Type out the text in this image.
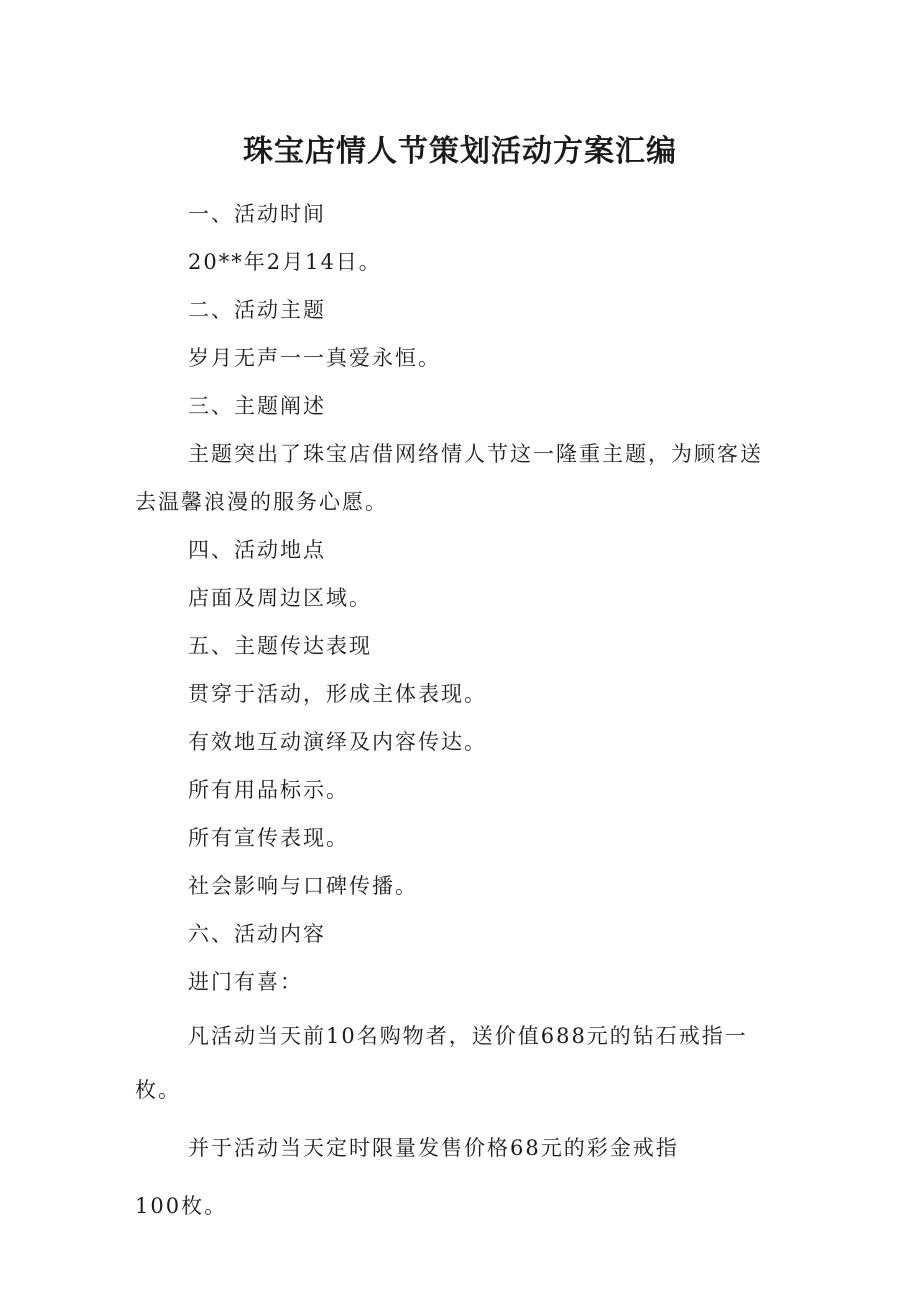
珠宝店情人节策划活动方案汇编

一、活动时间

20**年2月14日。

二、活动主题

岁月无声一一真爱永恒。

三、主题阐述

主题突出了珠宝店借网络情人节这一隆重主题，为顾客送

去温馨浪漫的服务心愿。

四、活动地点

店面及周边区域。

五、主题传达表现

贯穿于活动，形成主体表现。

有效地互动演绎及内容传达。

所有用品标示。

所有宣传表现。

社会影响与口碑传播。

六、活动内容

进门有喜：

凡活动当天前10名购物者，送价值688元的钻石戒指一

枚。

并于活动当天定时限量发售价格68元的彩金戒指

100枚。
